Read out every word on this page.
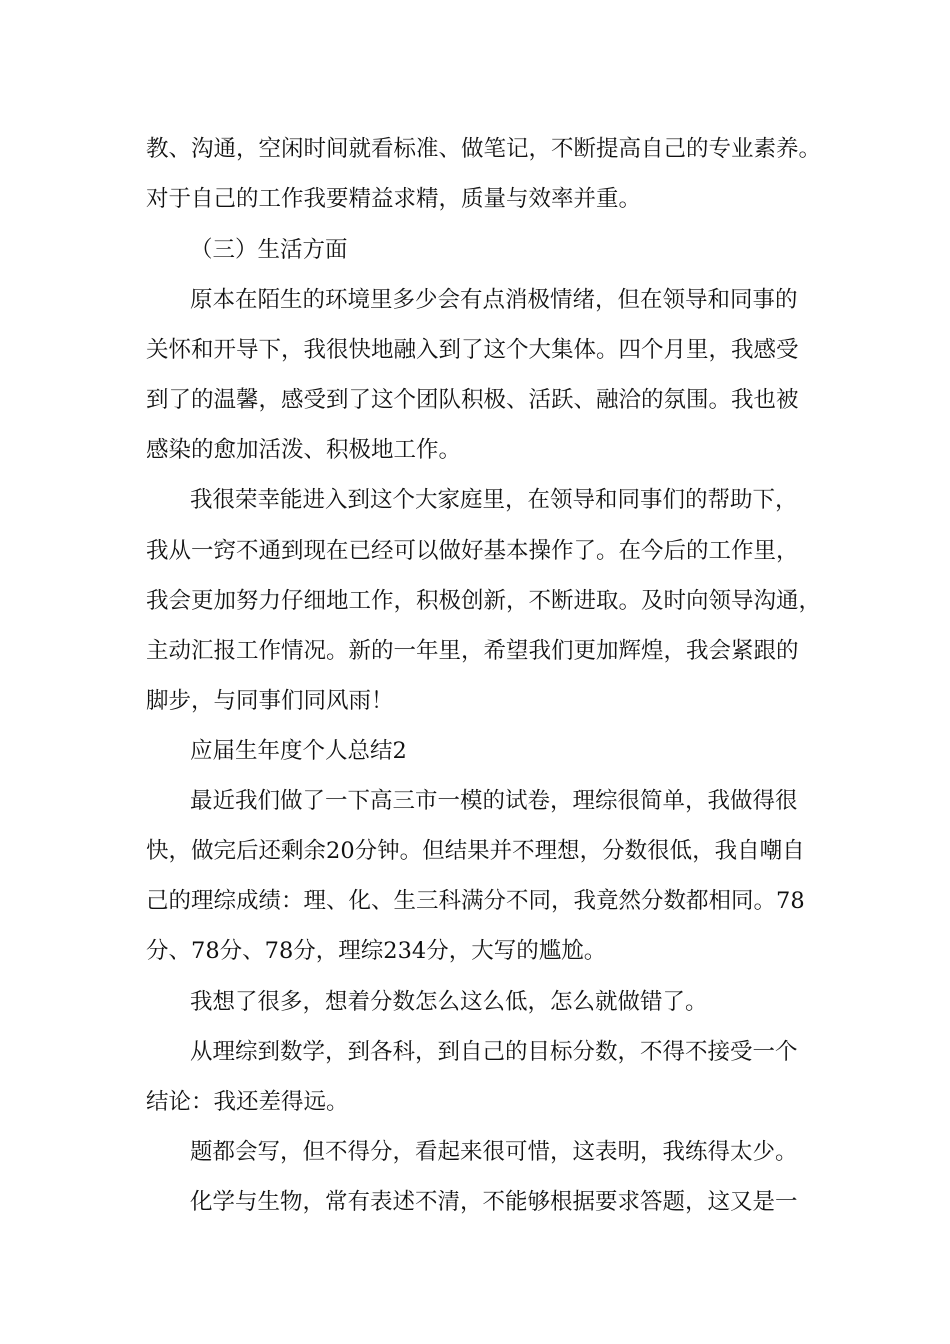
教、沟通，空闲时间就看标准、做笔记，不断提高自己的专业素养。
对于自己的工作我要精益求精，质量与效率并重。
（三）生活方面
原本在陌生的环境里多少会有点消极情绪，但在领导和同事的
关怀和开导下，我很快地融入到了这个大集体。四个月里，我感受
到了的温馨，感受到了这个团队积极、活跃、融洽的氛围。我也被
感染的愈加活泼、积极地工作。
我很荣幸能进入到这个大家庭里，在领导和同事们的帮助下，
我从一窍不通到现在已经可以做好基本操作了。在今后的工作里，
我会更加努力仔细地工作，积极创新，不断进取。及时向领导沟通，
主动汇报工作情况。新的一年里，希望我们更加辉煌，我会紧跟的
脚步，与同事们同风雨！
应届生年度个人总结2
最近我们做了一下高三市一模的试卷，理综很简单，我做得很
快，做完后还剩余20分钟。但结果并不理想，分数很低，我自嘲自
己的理综成绩：理、化、生三科满分不同，我竟然分数都相同。78
分、78分、78分，理综234分，大写的尴尬。
我想了很多，想着分数怎么这么低，怎么就做错了。
从理综到数学，到各科，到自己的目标分数，不得不接受一个
结论：我还差得远。
题都会写，但不得分，看起来很可惜，这表明，我练得太少。
化学与生物，常有表述不清，不能够根据要求答题，这又是一
